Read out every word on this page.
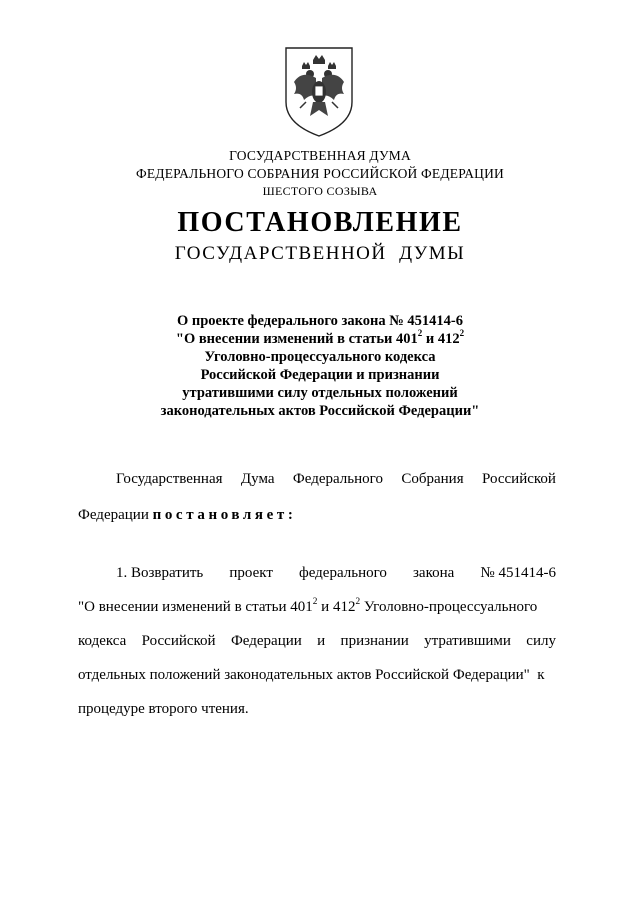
ГОСУДАРСТВЕННАЯ ДУМА
ФЕДЕРАЛЬНОГО СОБРАНИЯ РОССИЙСКОЙ ФЕДЕРАЦИИ
ШЕСТОГО СОЗЫВА
ПОСТАНОВЛЕНИЕ
ГОСУДАРСТВЕННОЙ  ДУМЫ
О проекте федерального закона № 451414-6
"О внесении изменений в статьи $401^2$ и $412^2$
Уголовно-процессуального кодекса
Российской Федерации и признании
утратившими силу отдельных положений
законодательных актов Российской Федерации"
Государственная Дума Федерального Собрания Российской
Федерации постановляет:
1. Возвратить проект федерального закона № 451414-6
"О внесении изменений в статьи $401^2$ и $412^2$ Уголовно-процессуального
кодекса Российской Федерации и признании утратившими силу
отдельных положений законодательных актов Российской Федерации"  к
процедуре второго чтения.
